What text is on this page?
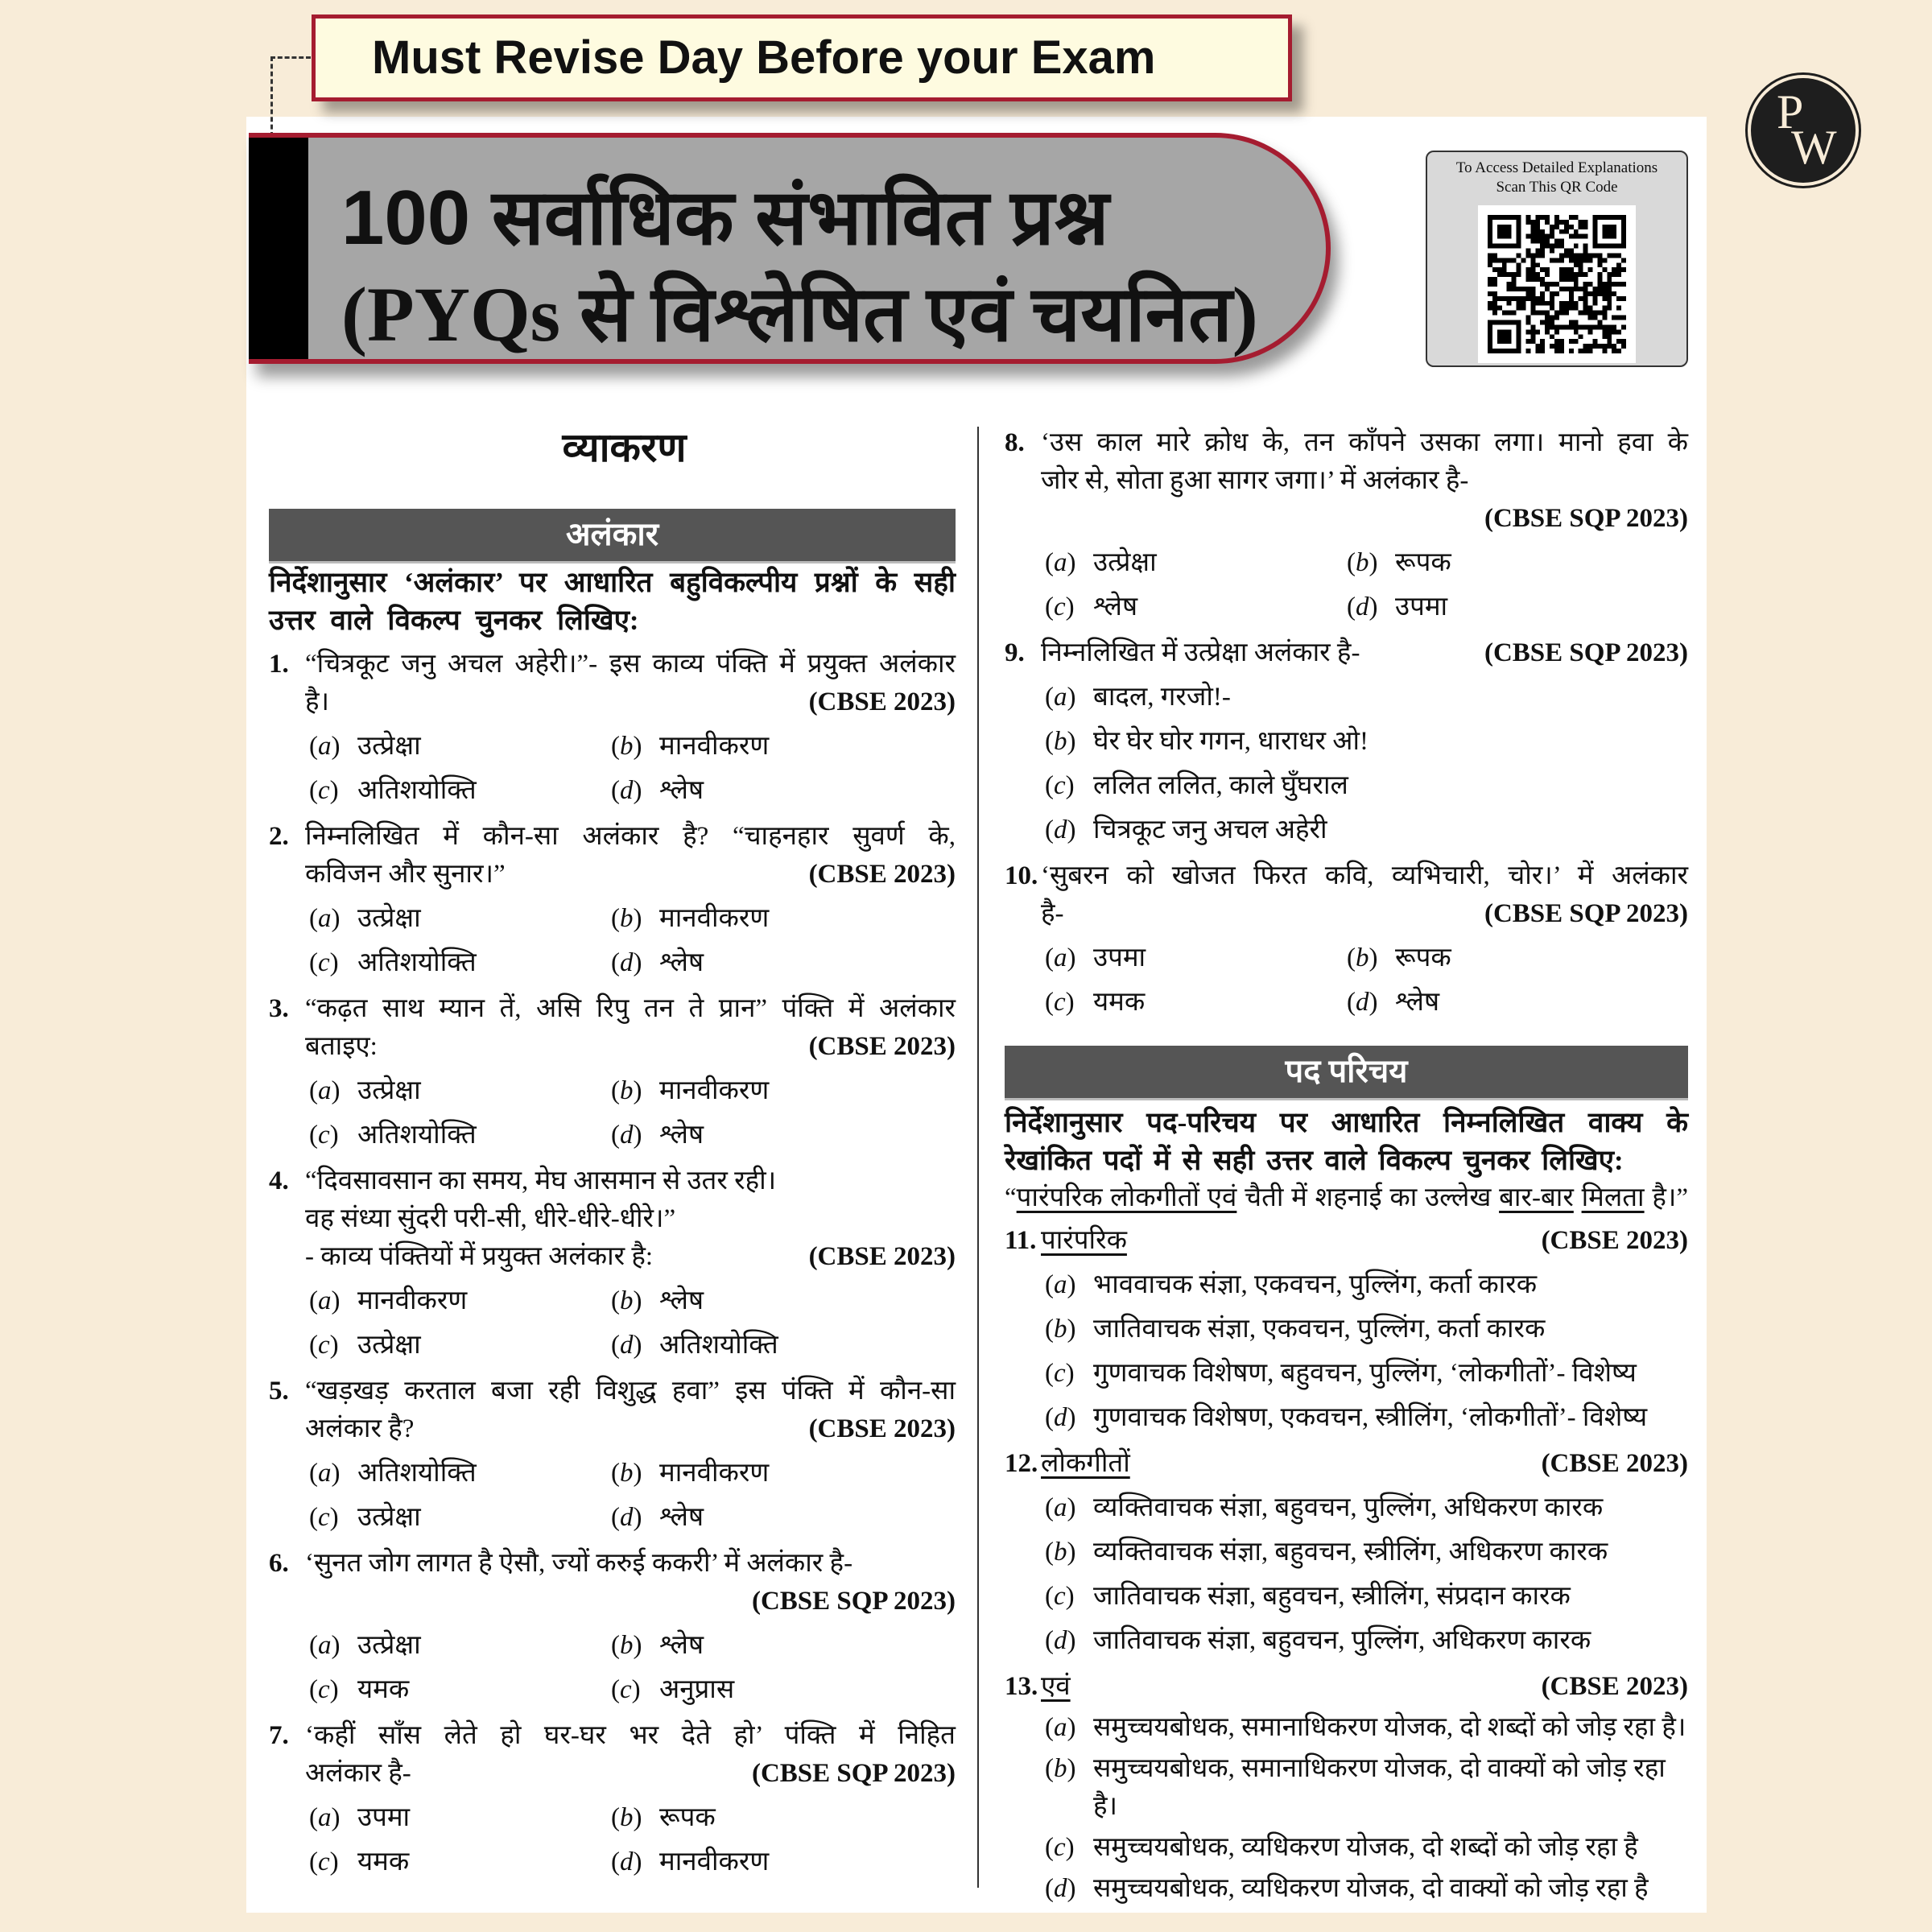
Must Revise Day Before your Exam
100 सर्वाधिक संभावित प्रश्न
(PYQs से विश्लेषित एवं चयनित)
To Access Detailed Explanations
Scan This QR Code
P
W
व्याकरण
अलंकार
निर्देशानुसार ‘अलंकार’ पर आधारित बहुविकल्पीय प्रश्नों के सही
उत्तर वाले विकल्प चुनकर लिखिए:
1. “चित्रकूट जनु अचल अहेरी।”- इस काव्य पंक्ति में प्रयुक्त अलंकार
है।	(CBSE 2023)
(a) उत्प्रेक्षा	(b) मानवीकरण
(c) अतिशयोक्ति	(d) श्लेष
2. निम्नलिखित में कौन-सा अलंकार है? “चाहनहार सुवर्ण के,
कविजन और सुनार।”	(CBSE 2023)
(a) उत्प्रेक्षा	(b) मानवीकरण
(c) अतिशयोक्ति	(d) श्लेष
3. “कढ़त साथ म्यान तें, असि रिपु तन ते प्रान” पंक्ति में अलंकार
बताइए:	(CBSE 2023)
(a) उत्प्रेक्षा	(b) मानवीकरण
(c) अतिशयोक्ति	(d) श्लेष
4. “दिवसावसान का समय, मेघ आसमान से उतर रही।
वह संध्या सुंदरी परी-सी, धीरे-धीरे-धीरे।”
- काव्य पंक्तियों में प्रयुक्त अलंकार है:	(CBSE 2023)
(a) मानवीकरण	(b) श्लेष
(c) उत्प्रेक्षा	(d) अतिशयोक्ति
5. “खड़खड़ करताल बजा रही विशुद्ध हवा” इस पंक्ति में कौन-सा
अलंकार है?	(CBSE 2023)
(a) अतिशयोक्ति	(b) मानवीकरण
(c) उत्प्रेक्षा	(d) श्लेष
6. ‘सुनत जोग लागत है ऐसौ, ज्यों करुई ककरी’ में अलंकार है-
(CBSE SQP 2023)
(a) उत्प्रेक्षा	(b) श्लेष
(c) यमक	(c) अनुप्रास
7. ‘कहीं साँस लेते हो घर-घर भर देते हो’ पंक्ति में निहित
अलंकार है-	(CBSE SQP 2023)
(a) उपमा	(b) रूपक
(c) यमक	(d) मानवीकरण
8. ‘उस काल मारे क्रोध के, तन काँपने उसका लगा। मानो हवा के
जोर से, सोता हुआ सागर जगा।’ में अलंकार है-
(CBSE SQP 2023)
(a) उत्प्रेक्षा	(b) रूपक
(c) श्लेष	(d) उपमा
9. निम्नलिखित में उत्प्रेक्षा अलंकार है-	(CBSE SQP 2023)
(a) बादल, गरजो!-
(b) घेर घेर घोर गगन, धाराधर ओ!
(c) ललित ललित, काले घुँघराल
(d) चित्रकूट जनु अचल अहेरी
10. ‘सुबरन को खोजत फिरत कवि, व्यभिचारी, चोर।’ में अलंकार
है-	(CBSE SQP 2023)
(a) उपमा	(b) रूपक
(c) यमक	(d) श्लेष
पद परिचय
निर्देशानुसार पद-परिचय पर आधारित निम्नलिखित वाक्य के
रेखांकित पदों में से सही उत्तर वाले विकल्प चुनकर लिखिए:
“पारंपरिक लोकगीतों एवं चैती में शहनाई का उल्लेख बार-बार मिलता है।”
11. पारंपरिक	(CBSE 2023)
(a) भाववाचक संज्ञा, एकवचन, पुल्लिंग, कर्ता कारक
(b) जातिवाचक संज्ञा, एकवचन, पुल्लिंग, कर्ता कारक
(c) गुणवाचक विशेषण, बहुवचन, पुल्लिंग, ‘लोकगीतों’- विशेष्य
(d) गुणवाचक विशेषण, एकवचन, स्त्रीलिंग, ‘लोकगीतों’- विशेष्य
12. लोकगीतों	(CBSE 2023)
(a) व्यक्तिवाचक संज्ञा, बहुवचन, पुल्लिंग, अधिकरण कारक
(b) व्यक्तिवाचक संज्ञा, बहुवचन, स्त्रीलिंग, अधिकरण कारक
(c) जातिवाचक संज्ञा, बहुवचन, स्त्रीलिंग, संप्रदान कारक
(d) जातिवाचक संज्ञा, बहुवचन, पुल्लिंग, अधिकरण कारक
13. एवं	(CBSE 2023)
(a) समुच्चयबोधक, समानाधिकरण योजक, दो शब्दों को जोड़ रहा है।
(b) समुच्चयबोधक, समानाधिकरण योजक, दो वाक्यों को जोड़ रहा है।
(c) समुच्चयबोधक, व्यधिकरण योजक, दो शब्दों को जोड़ रहा है
(d) समुच्चयबोधक, व्यधिकरण योजक, दो वाक्यों को जोड़ रहा है
